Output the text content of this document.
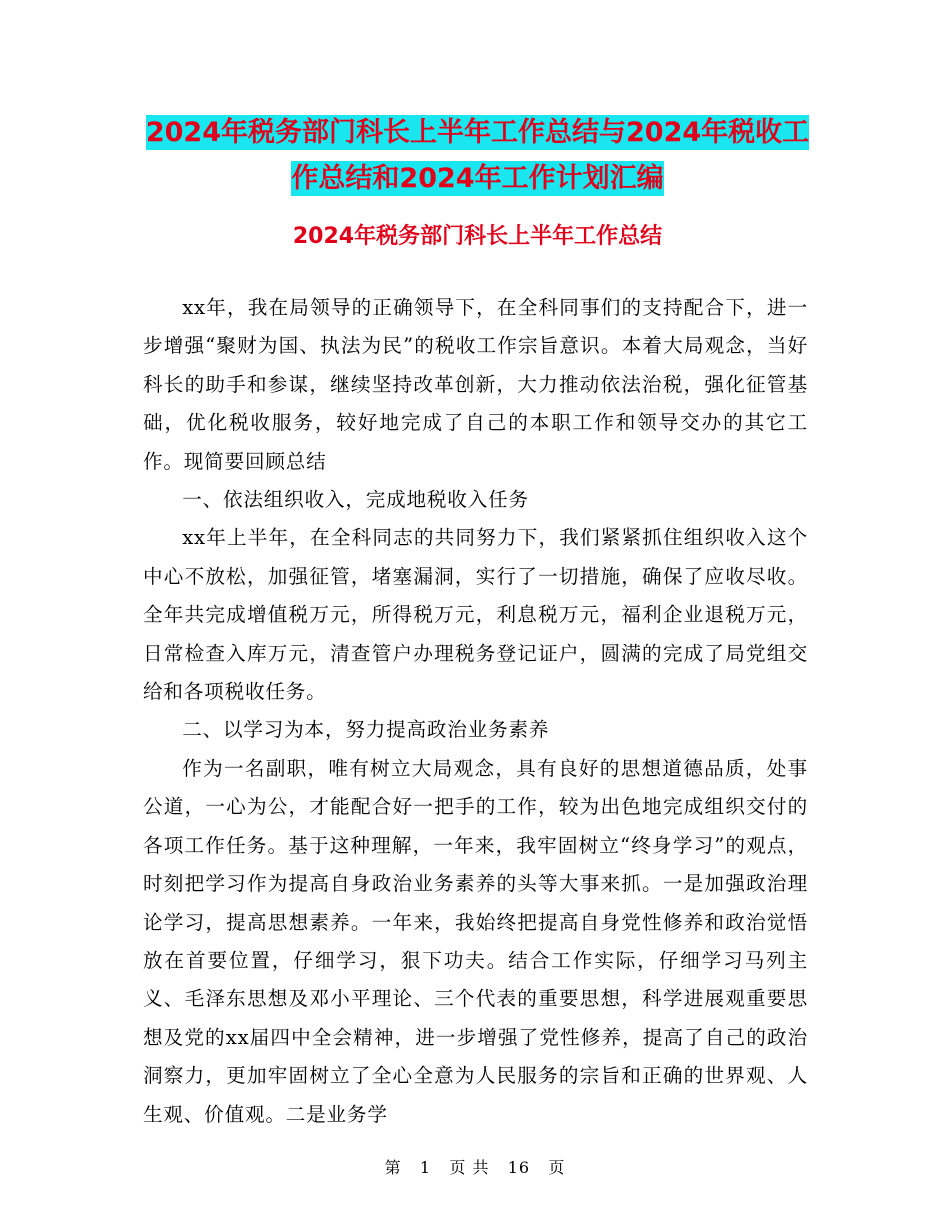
2024年税务部门科长上半年工作总结与2024年税收工作总结和2024年工作计划汇编
2024年税务部门科长上半年工作总结

xx年，我在局领导的正确领导下，在全科同事们的支持配合下，进一步增强“聚财为国、执法为民”的税收工作宗旨意识。本着大局观念，当好科长的助手和参谋，继续坚持改革创新，大力推动依法治税，强化征管基础，优化税收服务，较好地完成了自己的本职工作和领导交办的其它工作。现简要回顾总结

一、依法组织收入，完成地税收入任务

xx年上半年，在全科同志的共同努力下，我们紧紧抓住组织收入这个中心不放松，加强征管，堵塞漏洞，实行了一切措施，确保了应收尽收。全年共完成增值税万元，所得税万元，利息税万元，福利企业退税万元，日常检查入库万元，清查管户办理税务登记证户，圆满的完成了局党组交给和各项税收任务。

二、以学习为本，努力提高政治业务素养

作为一名副职，唯有树立大局观念，具有良好的思想道德品质，处事公道，一心为公，才能配合好一把手的工作，较为出色地完成组织交付的各项工作任务。基于这种理解，一年来，我牢固树立“终身学习”的观点，时刻把学习作为提高自身政治业务素养的头等大事来抓。一是加强政治理论学习，提高思想素养。一年来，我始终把提高自身党性修养和政治觉悟放在首要位置，仔细学习，狠下功夫。结合工作实际，仔细学习马列主义、毛泽东思想及邓小平理论、三个代表的重要思想，科学进展观重要思想及党的xx届四中全会精神，进一步增强了党性修养，提高了自己的政治洞察力，更加牢固树立了全心全意为人民服务的宗旨和正确的世界观、人生观、价值观。二是业务学

第 1 页 共 16 页
